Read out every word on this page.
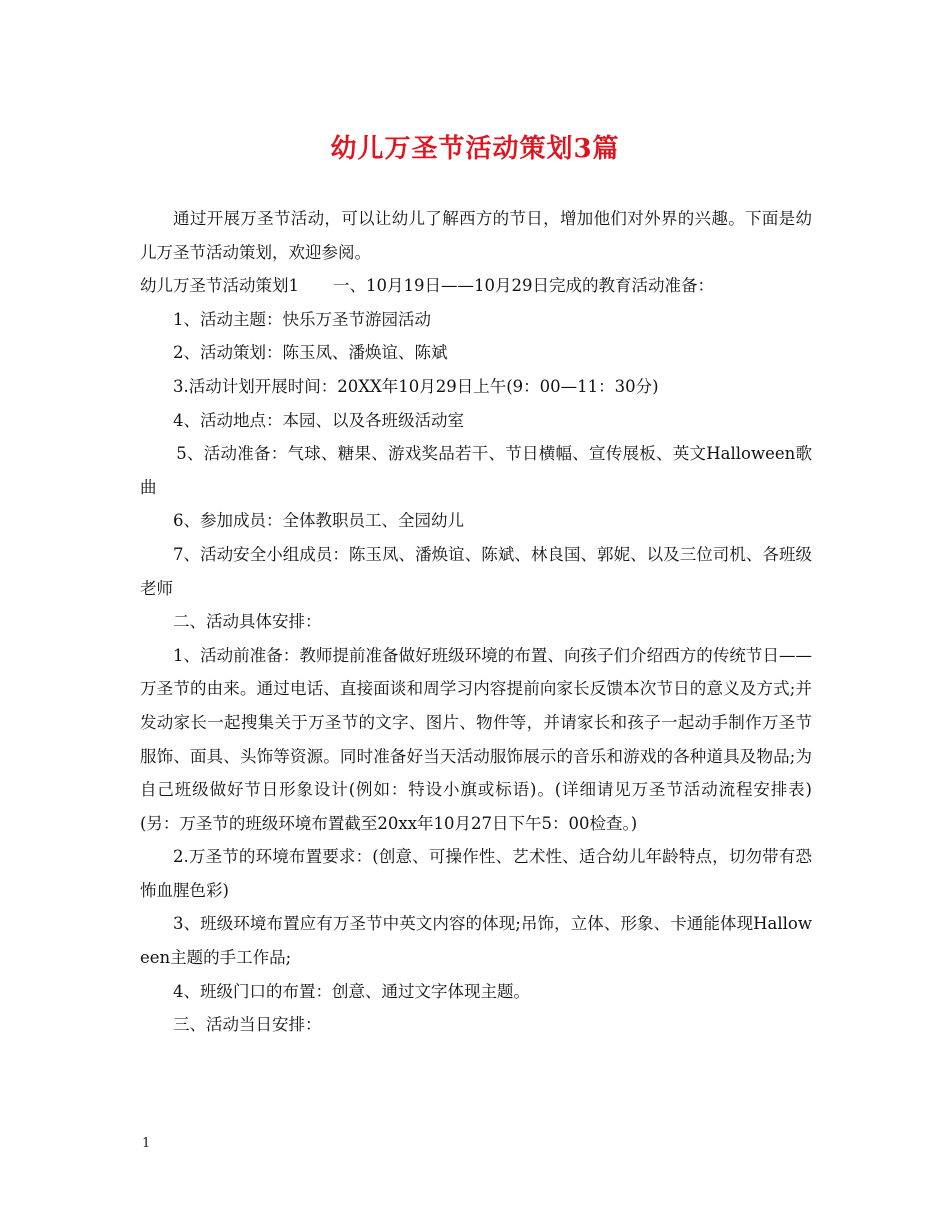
幼儿万圣节活动策划3篇

通过开展万圣节活动，可以让幼儿了解西方的节日，增加他们对外界的兴趣。下面是幼儿万圣节活动策划，欢迎参阅。

幼儿万圣节活动策划1 一、10月19日——10月29日完成的教育活动准备：

1、活动主题：快乐万圣节游园活动

2、活动策划：陈玉凤、潘焕谊、陈斌

3.活动计划开展时间：20XX年10月29日上午(9：00—11：30分)

4、活动地点：本园、以及各班级活动室

5、活动准备：气球、糖果、游戏奖品若干、节日横幅、宣传展板、英文Halloween歌曲

6、参加成员：全体教职员工、全园幼儿

7、活动安全小组成员：陈玉凤、潘焕谊、陈斌、林良国、郭妮、以及三位司机、各班级老师

二、活动具体安排：

1、活动前准备：教师提前准备做好班级环境的布置、向孩子们介绍西方的传统节日——万圣节的由来。通过电话、直接面谈和周学习内容提前向家长反馈本次节日的意义及方式;并发动家长一起搜集关于万圣节的文字、图片、物件等，并请家长和孩子一起动手制作万圣节服饰、面具、头饰等资源。同时准备好当天活动服饰展示的音乐和游戏的各种道具及物品;为自己班级做好节日形象设计(例如：特设小旗或标语)。(详细请见万圣节活动流程安排表)(另：万圣节的班级环境布置截至20xx年10月27日下午5：00检查。)

2.万圣节的环境布置要求：(创意、可操作性、艺术性、适合幼儿年龄特点，切勿带有恐怖血腥色彩)

3、班级环境布置应有万圣节中英文内容的体现;吊饰，立体、形象、卡通能体现Halloween主题的手工作品;

4、班级门口的布置：创意、通过文字体现主题。

三、活动当日安排：

1
